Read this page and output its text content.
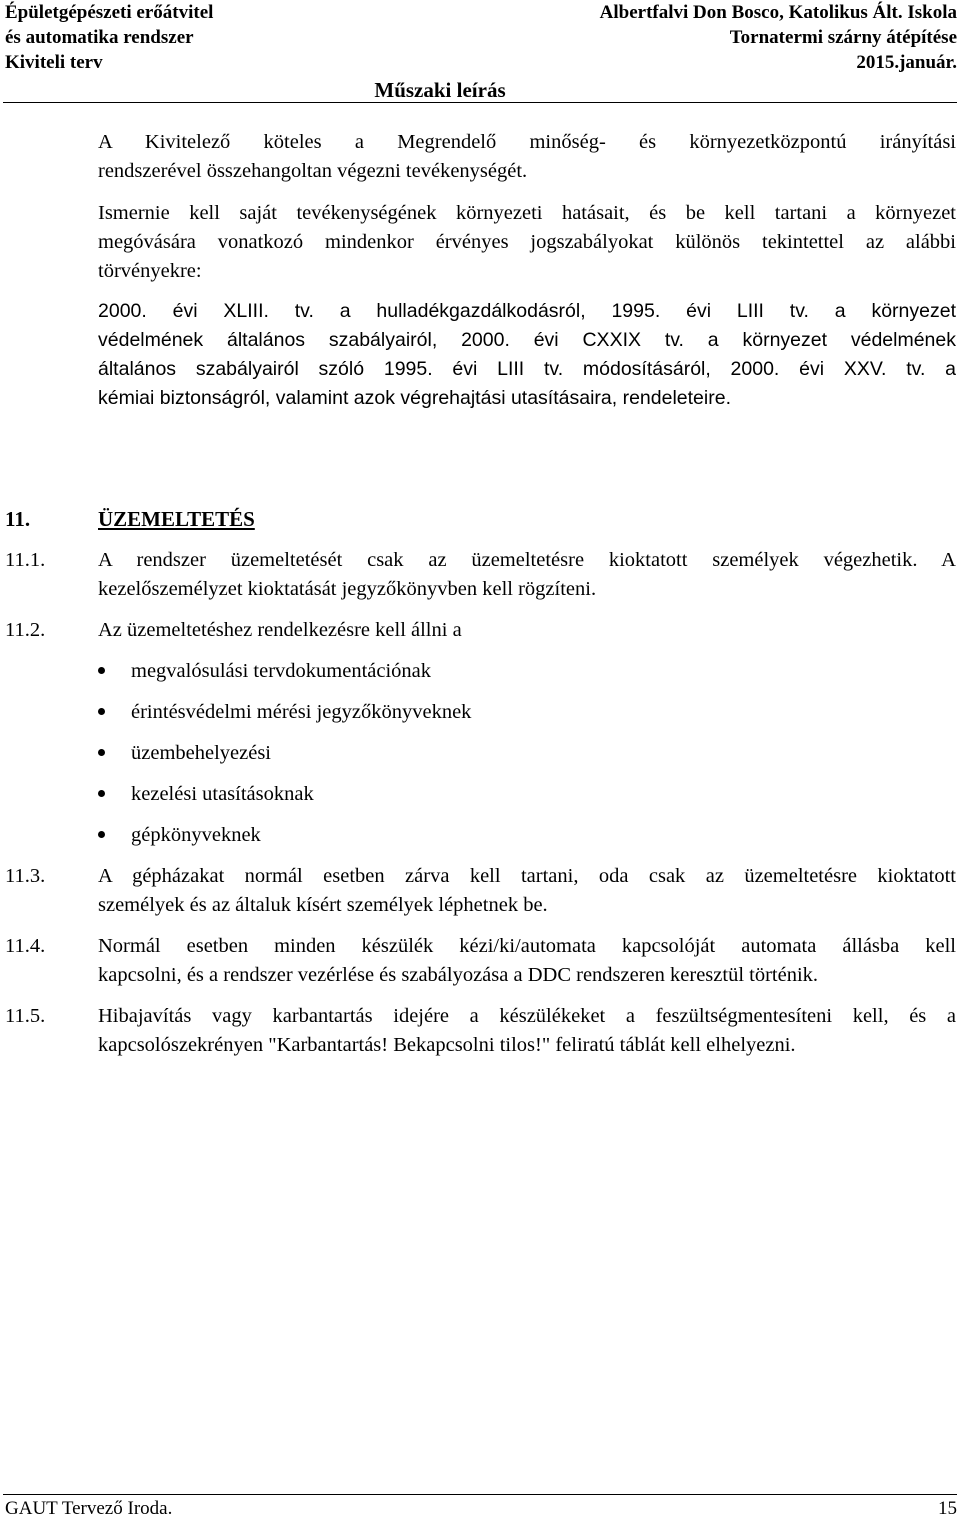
Épületgépészeti erőátvitel
és automatika rendszer
Kiviteli terv
Albertfalvi Don Bosco, Katolikus Ált. Iskola
Tornatermi szárny átépítése
2015.január.
Műszaki leírás
A Kivitelező köteles a Megrendelő minőség- és környezetközpontú irányítási
rendszerével összehangoltan végezni tevékenységét.
Ismernie kell saját tevékenységének környezeti hatásait, és be kell tartani a környezet
megóvására vonatkozó mindenkor érvényes jogszabályokat különös tekintettel az alábbi
törvényekre:
2000. évi XLIII. tv. a hulladékgazdálkodásról, 1995. évi LIII tv. a környezet
védelmének általános szabályairól, 2000. évi CXXIX tv. a környezet védelmének
általános szabályairól szóló 1995. évi LIII tv. módosításáról, 2000. évi XXV. tv. a
kémiai biztonságról, valamint azok végrehajtási utasításaira, rendeleteire.
11.	ÜZEMELTETÉS
11.1.	A rendszer üzemeltetését csak az üzemeltetésre kioktatott személyek végezhetik. A
kezelőszemélyzet kioktatását jegyzőkönyvben kell rögzíteni.
11.2.	Az üzemeltetéshez rendelkezésre kell állni a
megvalósulási tervdokumentációnak
érintésvédelmi mérési jegyzőkönyveknek
üzembehelyezési
kezelési utasításoknak
gépkönyveknek
11.3.	A gépházakat normál esetben zárva kell tartani, oda csak az üzemeltetésre kioktatott
személyek és az általuk kísért személyek léphetnek be.
11.4.	Normál esetben minden készülék kézi/ki/automata kapcsolóját automata állásba kell
kapcsolni, és a rendszer vezérlése és szabályozása a DDC rendszeren keresztül történik.
11.5.	Hibajavítás vagy karbantartás idejére a készülékeket a feszültségmentesíteni kell, és a
kapcsolószekrényen "Karbantartás! Bekapcsolni tilos!" feliratú táblát kell elhelyezni.
GAUT Tervező Iroda.	15
